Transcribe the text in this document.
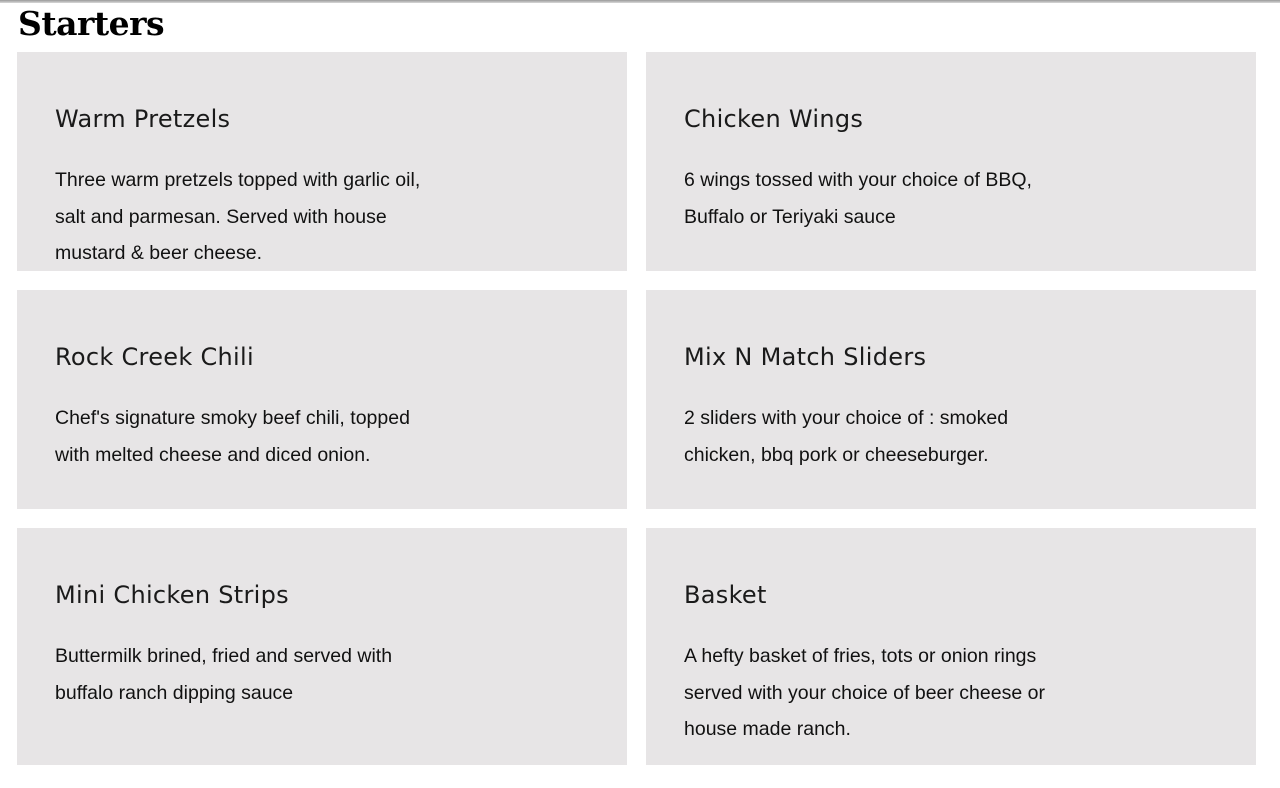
Starters
Warm Pretzels

Three warm pretzels topped with garlic oil, salt and parmesan. Served with house mustard & beer cheese.

Chicken Wings

6 wings tossed with your choice of BBQ, Buffalo or Teriyaki sauce

Rock Creek Chili

Chef's signature smoky beef chili, topped with melted cheese and diced onion.

Mix N Match Sliders

2 sliders with your choice of : smoked chicken, bbq pork or cheeseburger.

Mini Chicken Strips

Buttermilk brined, fried and served with buffalo ranch dipping sauce

Basket

A hefty basket of fries, tots or onion rings served with your choice of beer cheese or house made ranch.
